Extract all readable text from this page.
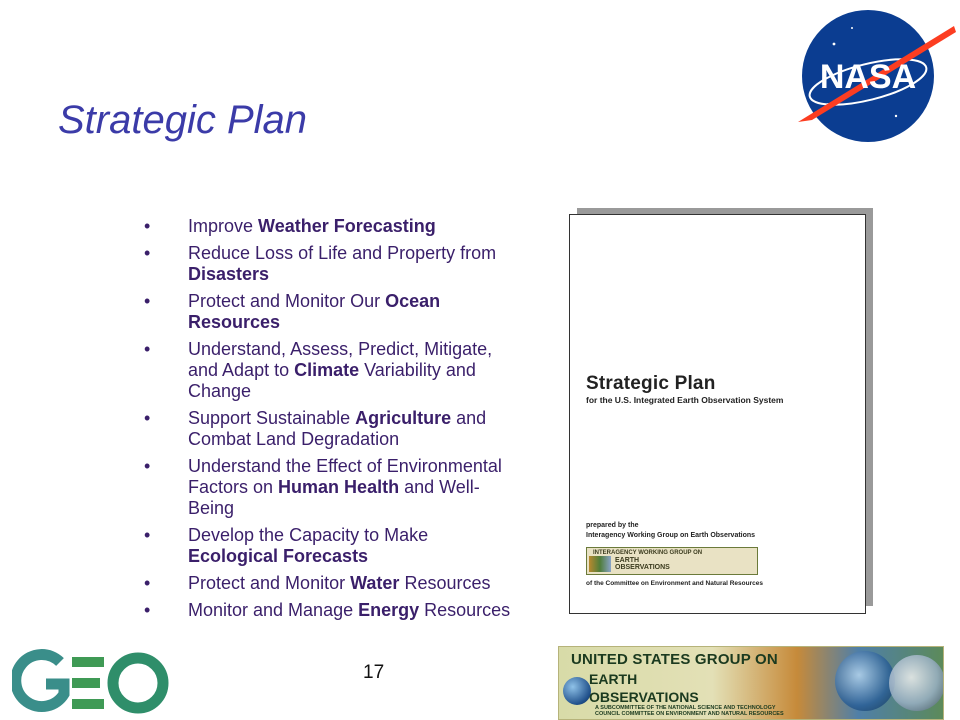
Strategic Plan
NASA
• Improve Weather Forecasting
• Reduce Loss of Life and Property from Disasters
• Protect and Monitor Our Ocean Resources
• Understand, Assess, Predict, Mitigate, and Adapt to Climate Variability and Change
• Support Sustainable Agriculture and Combat Land Degradation
• Understand the Effect of Environmental Factors on Human Health and Well-Being
• Develop the Capacity to Make Ecological Forecasts
• Protect and Monitor Water Resources
• Monitor and Manage Energy Resources
Strategic Plan
for the U.S. Integrated Earth Observation System
prepared by the
Interagency Working Group on Earth Observations
INTERAGENCY WORKING GROUP ON
EARTH
OBSERVATIONS
of the Committee on Environment and Natural Resources
17
UNITED STATES GROUP ON
EARTH
OBSERVATIONS
A SUBCOMMITTEE OF THE NATIONAL SCIENCE AND TECHNOLOGY COUNCIL COMMITTEE ON ENVIRONMENT AND NATURAL RESOURCES
